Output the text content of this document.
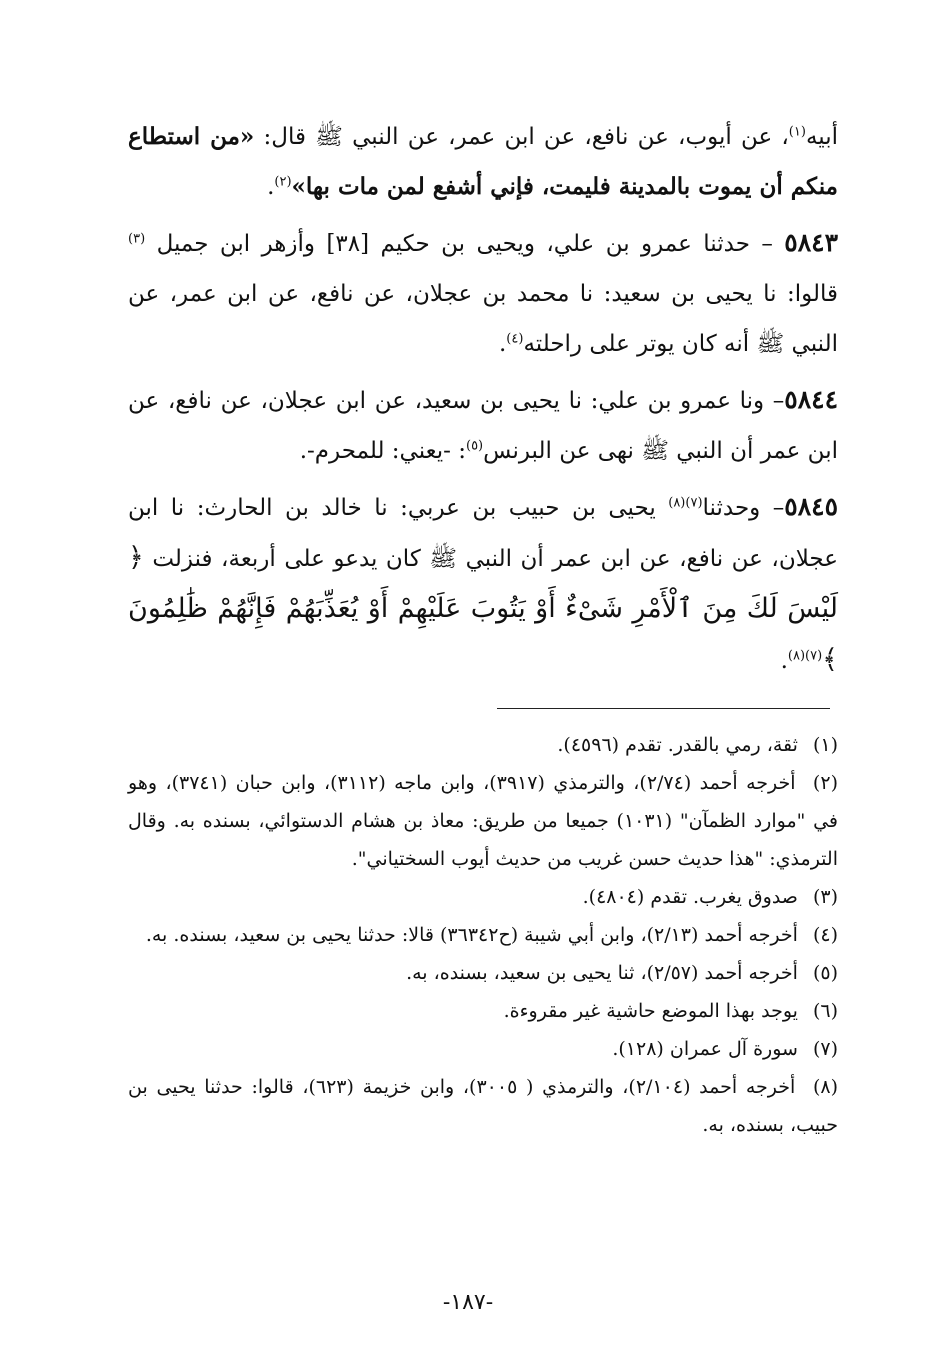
أبيه$^{(١)}$، عن أيوب، عن نافع، عن ابن عمر، عن النبي ﷺ قال: «من استطاع منكم أن يموت بالمدينة فليمت، فإني أشفع لمن مات بها»$^{(٢)}$.

٥٨٤٣ – حدثنا عمرو بن علي، ويحيى بن حكيم [٣٨] وأزهر ابن جميل $^{(٣)}$ قالوا: نا يحيى بن سعيد: نا محمد بن عجلان، عن نافع، عن ابن عمر، عن النبي ﷺ أنه كان يوتر على راحلته$^{(٤)}$.

٥٨٤٤– ونا عمرو بن علي: نا يحيى بن سعيد، عن ابن عجلان، عن نافع، عن ابن عمر أن النبي ﷺ نهى عن البرنس$^{(٥)}$: -يعني: للمحرم-.

٥٨٤٥– وحدثنا$^{(٧)(٨)}$ يحيى بن حبيب بن عربي: نا خالد بن الحارث: نا ابن عجلان، عن نافع، عن ابن عمر أن النبي ﷺ كان يدعو على أربعة، فنزلت ﴿ لَيْسَ لَكَ مِنَ ٱلْأَمْرِ شَىْءٌ أَوْ يَتُوبَ عَلَيْهِمْ أَوْ يُعَذِّبَهُمْ فَإِنَّهُمْ ظَٰلِمُونَ ﴾$^{(٧)(٨)}$.

(١) ثقة، رمي بالقدر. تقدم (٤٥٩٦).

(٢) أخرجه أحمد (٢/٧٤)، والترمذي (٣٩١٧)، وابن ماجه (٣١١٢)، وابن حبان (٣٧٤١)، وهو في "موارد الظمآن" (١٠٣١) جميعا من طريق: معاذ بن هشام الدستوائي، بسنده به. وقال الترمذي: "هذا حديث حسن غريب من حديث أيوب السختياني".

(٣) صدوق يغرب. تقدم (٤٨٠٤).

(٤) أخرجه أحمد (٢/١٣)، وابن أبي شيبة (ح٣٦٣٤٢) قالا: حدثنا يحيى بن سعيد، بسنده. به.

(٥) أخرجه أحمد (٢/٥٧)، ثنا يحيى بن سعيد، بسنده، به.

(٦) يوجد بهذا الموضع حاشية غير مقروءة.

(٧) سورة آل عمران (١٢٨).

(٨) أخرجه أحمد (٢/١٠٤)، والترمذي ( ٣٠٠٥)، وابن خزيمة (٦٢٣)، قالوا: حدثنا يحيى بن حبيب، بسنده، به.

-١٨٧-
